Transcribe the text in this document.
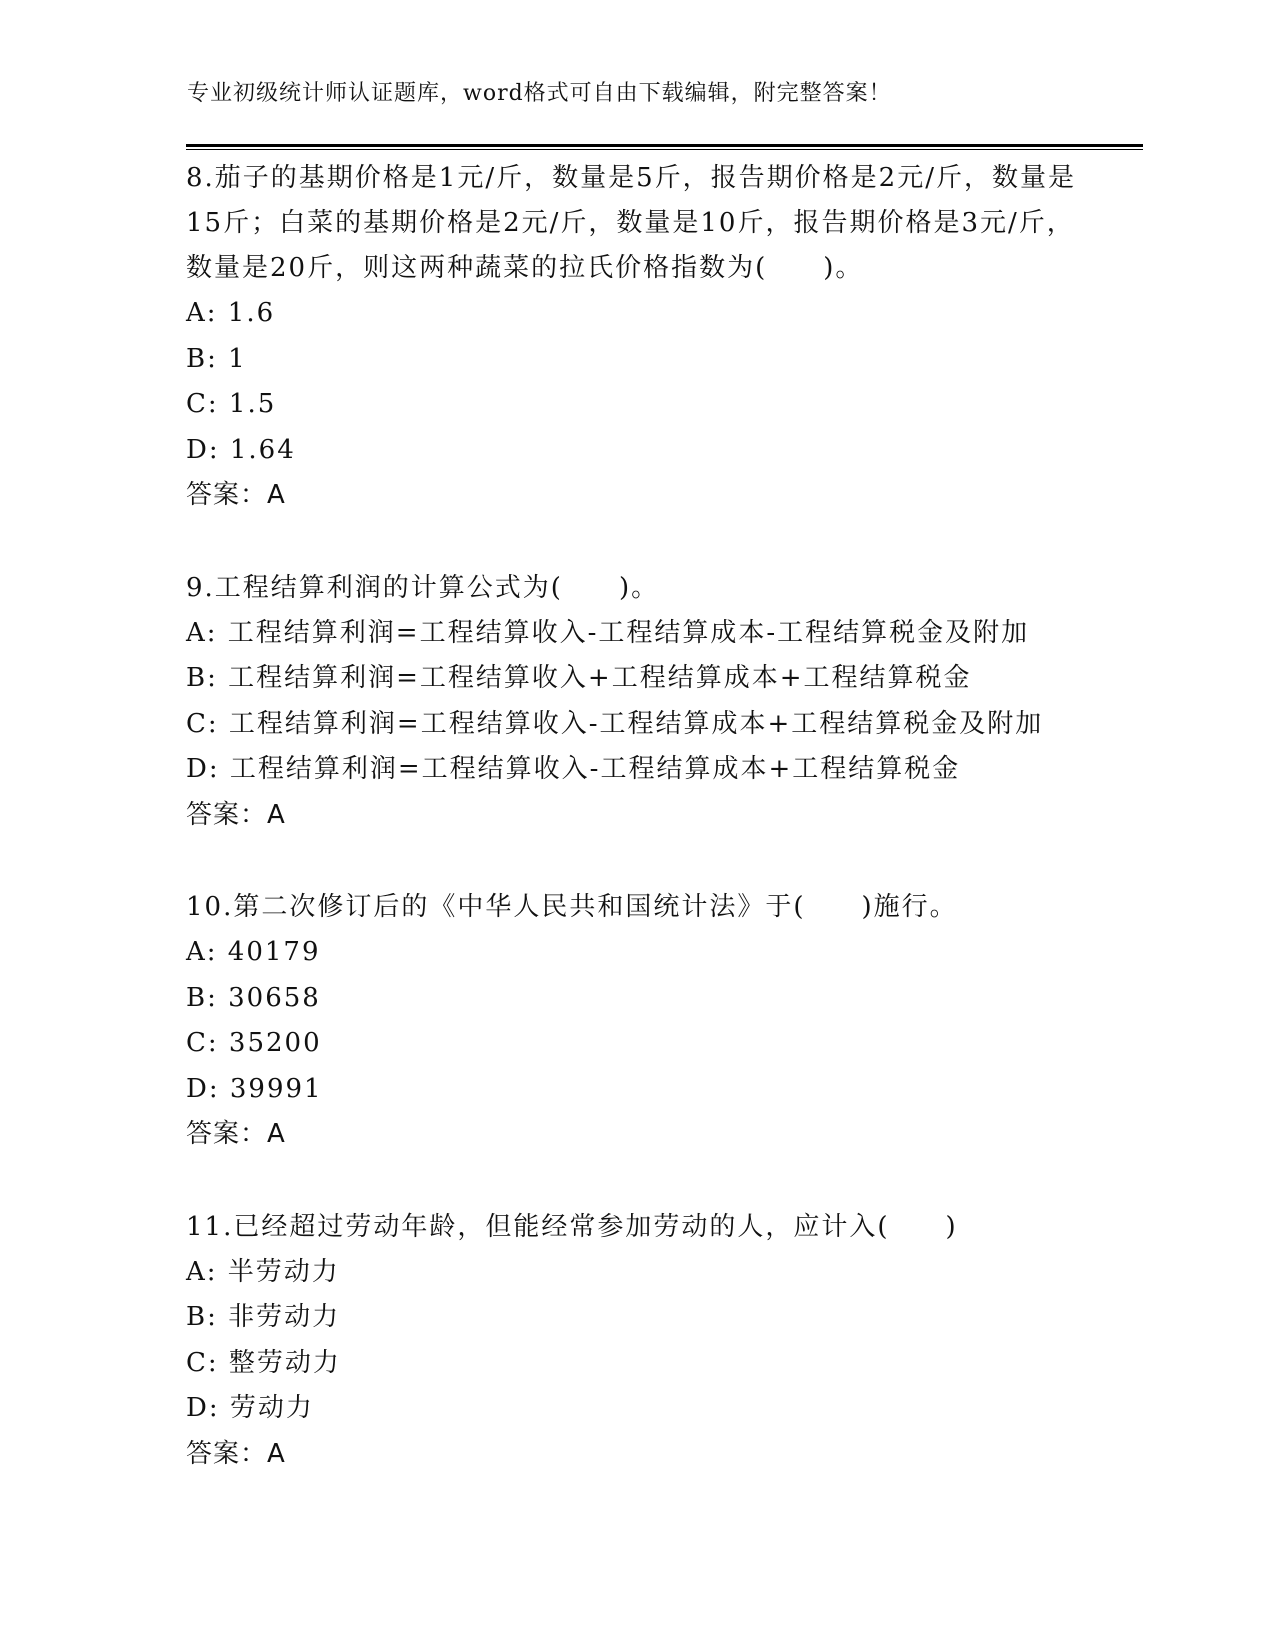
专业初级统计师认证题库，word格式可自由下载编辑，附完整答案！
8.茄子的基期价格是1元/斤，数量是5斤，报告期价格是2元/斤，数量是15斤；白菜的基期价格是2元/斤，数量是10斤，报告期价格是3元/斤，数量是20斤，则这两种蔬菜的拉氏价格指数为(　　)。
A: 1.6
B: 1
C: 1.5
D: 1.64
答案：A
9.工程结算利润的计算公式为(　　)。
A: 工程结算利润=工程结算收入-工程结算成本-工程结算税金及附加
B: 工程结算利润=工程结算收入+工程结算成本+工程结算税金
C: 工程结算利润=工程结算收入-工程结算成本+工程结算税金及附加
D: 工程结算利润=工程结算收入-工程结算成本+工程结算税金
答案：A
10.第二次修订后的《中华人民共和国统计法》于(　　)施行。
A: 40179
B: 30658
C: 35200
D: 39991
答案：A
11.已经超过劳动年龄，但能经常参加劳动的人，应计入(　　)
A: 半劳动力
B: 非劳动力
C: 整劳动力
D: 劳动力
答案：A
